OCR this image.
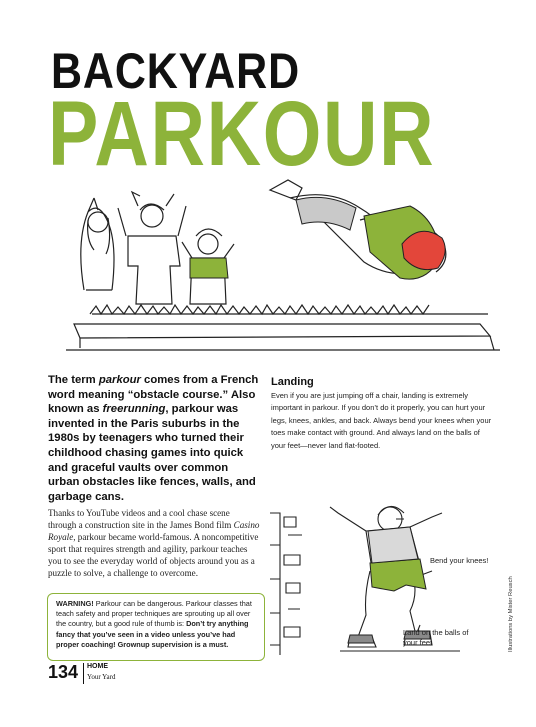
BACKYARD
PARKOUR
The term parkour comes from a French word meaning “obstacle course.” Also known as freerunning, parkour was invented in the Paris suburbs in the 1980s by teenagers who turned their childhood chasing games into quick and graceful vaults over common urban obstacles like fences, walls, and garbage cans.
Thanks to YouTube videos and a cool chase scene through a construction site in the James Bond film Casino Royale, parkour became world-famous. A noncompetitive sport that requires strength and agility, parkour teaches you to see the everyday world of objects around you as a puzzle to solve, a challenge to overcome.
WARNING! Parkour can be dangerous. Parkour classes that teach safety and proper techniques are sprouting up all over the country, but a good rule of thumb is: Don’t try anything fancy that you’ve seen in a video unless you’ve had proper coaching! Grownup supervision is a must.
Landing
Even if you are just jumping off a chair, landing is extremely important in parkour. If you don’t do it properly, you can hurt your legs, knees, ankles, and back. Always bend your knees when your toes make contact with ground. And always land on the balls of your feet—never land flat-footed.
Bend your knees!
Land on the balls of your feet	Illustrations by Mister Reusch
134 HOME
Your Yard
